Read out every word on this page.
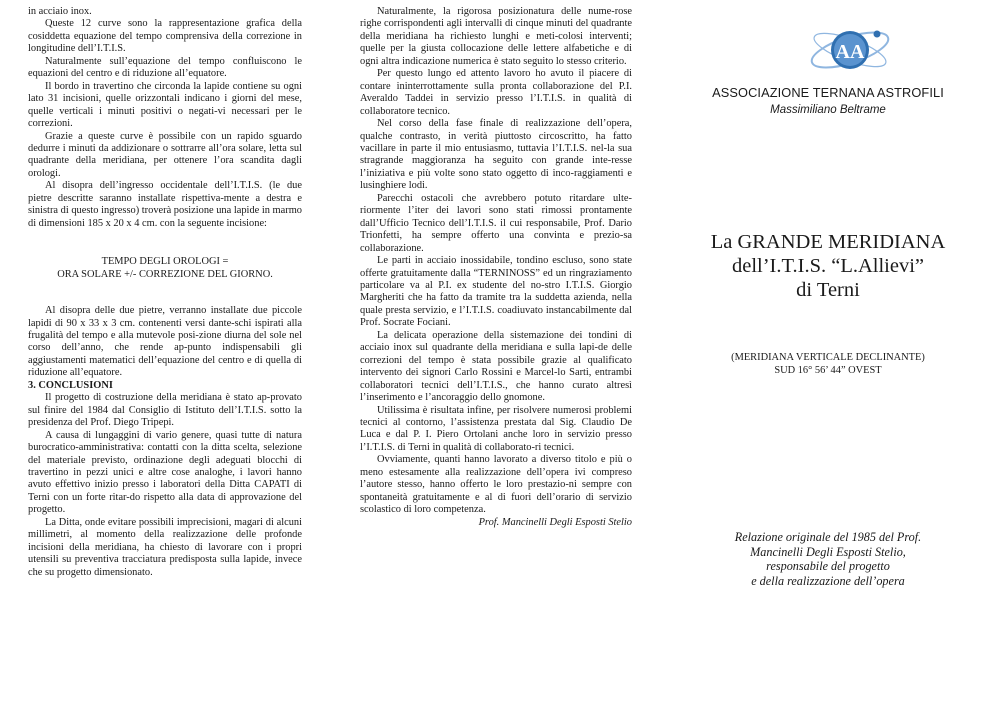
in acciaio inox.

Queste 12 curve sono la rappresentazione grafica della cosiddetta equazione del tempo comprensiva della correzione in longitudine dell’I.T.I.S.

Naturalmente sull’equazione del tempo confluiscono le equazioni del centro e di riduzione all’equatore.

Il bordo in travertino che circonda la lapide contiene su ogni lato 31 incisioni, quelle orizzontali indicano i giorni del mese, quelle verticali i minuti positivi o negati-vi necessari per le correzioni.

Grazie a queste curve è possibile con un rapido sguardo dedurre i minuti da addizionare o sottrarre all’ora solare, letta sul quadrante della meridiana, per ottenere l’ora scandita dagli orologi.

Al disopra dell’ingresso occidentale dell’I.T.I.S. (le due pietre descritte saranno installate rispettiva-mente a destra e sinistra di questo ingresso) troverà posizione una lapide in marmo di dimensioni 185 x 20 x 4 cm. con la seguente incisione:

TEMPO DEGLI OROLOGI =
ORA SOLARE +/- CORREZIONE DEL GIORNO.

Al disopra delle due pietre, verranno installate due piccole lapidi di 90 x 33 x 3 cm. contenenti versi dante-schi ispirati alla frugalità del tempo e alla mutevole posi-zione diurna del sole nel corso dell’anno, che rende ap-punto indispensabili gli aggiustamenti matematici dell’equazione del centro e di quella di riduzione all’equatore.

3. CONCLUSIONI

Il progetto di costruzione della meridiana è stato ap-provato sul finire del 1984 dal Consiglio di Istituto dell’I.T.I.S. sotto la presidenza del Prof. Diego Tripepi.

A causa di lungaggini di vario genere, quasi tutte di natura burocratico-amministrativa: contatti con la ditta scelta, selezione del materiale previsto, ordinazione degli adeguati blocchi di travertino in pezzi unici e altre cose analoghe, i lavori hanno avuto effettivo inizio presso i laboratori della Ditta CAPATI di Terni con un forte ritar-do rispetto alla data di approvazione del progetto.

La Ditta, onde evitare possibili imprecisioni, magari di alcuni millimetri, al momento della realizzazione delle profonde incisioni della meridiana, ha chiesto di lavorare con i propri utensili su preventiva tracciatura predisposta sulla lapide, invece che su progetto dimensionato.

Naturalmente, la rigorosa posizionatura delle nume-rose righe corrispondenti agli intervalli di cinque minuti del quadrante della meridiana ha richiesto lunghi e meti-colosi interventi; quelle per la giusta collocazione delle lettere alfabetiche e di ogni altra indicazione numerica è stato seguito lo stesso criterio.

Per questo lungo ed attento lavoro ho avuto il piacere di contare ininterrottamente sulla pronta collaborazione del P.I. Averaldo Taddei in servizio presso l’I.T.I.S. in qualità di collaboratore tecnico.

Nel corso della fase finale di realizzazione dell’opera, qualche contrasto, in verità piuttosto circoscritto, ha fatto vacillare in parte il mio entusiasmo, tuttavia l’I.T.I.S. nel-la sua stragrande maggioranza ha seguito con grande inte-resse l’iniziativa e più volte sono stato oggetto di inco-raggiamenti e lusinghiere lodi.

Parecchi ostacoli che avrebbero potuto ritardare ulte-riormente l’iter dei lavori sono stati rimossi prontamente dall’Ufficio Tecnico dell’I.T.I.S. il cui responsabile, Prof. Dario Trionfetti, ha sempre offerto una convinta e prezio-sa collaborazione.

Le parti in acciaio inossidabile, tondino escluso, sono state offerte gratuitamente dalla “TERNINOSS” ed un ringraziamento particolare va al P.I. ex studente del no-stro I.T.I.S. Giorgio Margheriti che ha fatto da tramite tra la suddetta azienda, nella quale presta servizio, e l’I.T.I.S. coadiuvato instancabilmente dal Prof. Socrate Fociani.

La delicata operazione della sistemazione dei tondini di acciaio inox sul quadrante della meridiana e sulla lapi-de delle correzioni del tempo è stata possibile grazie al qualificato intervento dei signori Carlo Rossini e Marcel-lo Sarti, entrambi collaboratori tecnici dell’I.T.I.S., che hanno curato altresì l’inserimento e l’ancoraggio dello gnomone.

Utilissima è risultata infine, per risolvere numerosi problemi tecnici al contorno, l’assistenza prestata dal Sig. Claudio De Luca e dal P. I. Piero Ortolani anche loro in servizio presso l’I.T.I.S. di Terni in qualità di collaborato-ri tecnici.

Ovviamente, quanti hanno lavorato a diverso titolo e più o meno estesamente alla realizzazione dell’opera ivi compreso l’autore stesso, hanno offerto le loro prestazio-ni sempre con spontaneità gratuitamente e al di fuori dell’orario di servizio scolastico di loro competenza.

Prof. Mancinelli Degli Esposti Stelio

AA
ASSOCIAZIONE TERNANA ASTROFILI
Massimiliano Beltrame
La GRANDE MERIDIANA
dell’I.T.I.S. “L.Allievi”
di Terni
(MERIDIANA VERTICALE DECLINANTE)
SUD 16° 56’ 44” OVEST
Relazione originale del 1985 del Prof.
Mancinelli Degli Esposti Stelio,
responsabile del progetto
e della realizzazione dell’opera
